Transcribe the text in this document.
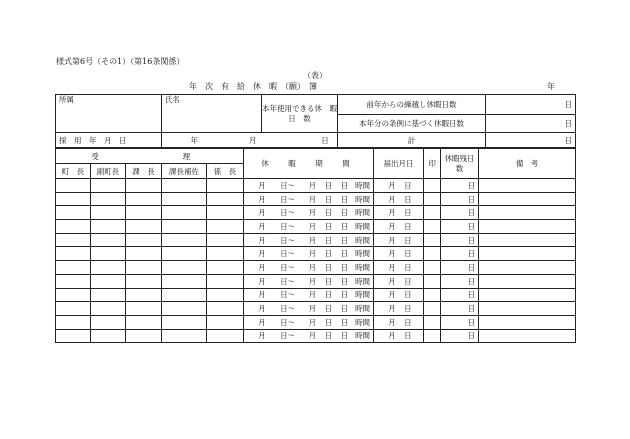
様式第6号（その1）（第16条関係）
（表）
年　次　有　給　休　暇　（願）　簿	年
所属	氏名	本年使用できる休　暇　日　数	前年からの繰越し休暇日数	日
			本年分の条例に基づく休暇日数	日
採　用　年　月　日	年 月 日		計	日
受 理					休　暇　期　間	届出月日	印	休暇残日数	備　考
町　長	副町長	課　長	課長補佐	係　長					
					月 日～ 月 日 日 時間	月 日		日	
					月 日～ 月 日 日 時間	月 日		日	
					月 日～ 月 日 日 時間	月 日		日	
					月 日～ 月 日 日 時間	月 日		日	
					月 日～ 月 日 日 時間	月 日		日	
					月 日～ 月 日 日 時間	月 日		日	
					月 日～ 月 日 日 時間	月 日		日	
					月 日～ 月 日 日 時間	月 日		日	
					月 日～ 月 日 日 時間	月 日		日	
					月 日～ 月 日 日 時間	月 日		日	
					月 日～ 月 日 日 時間	月 日		日	
					月 日～ 月 日 日 時間	月 日		日	
